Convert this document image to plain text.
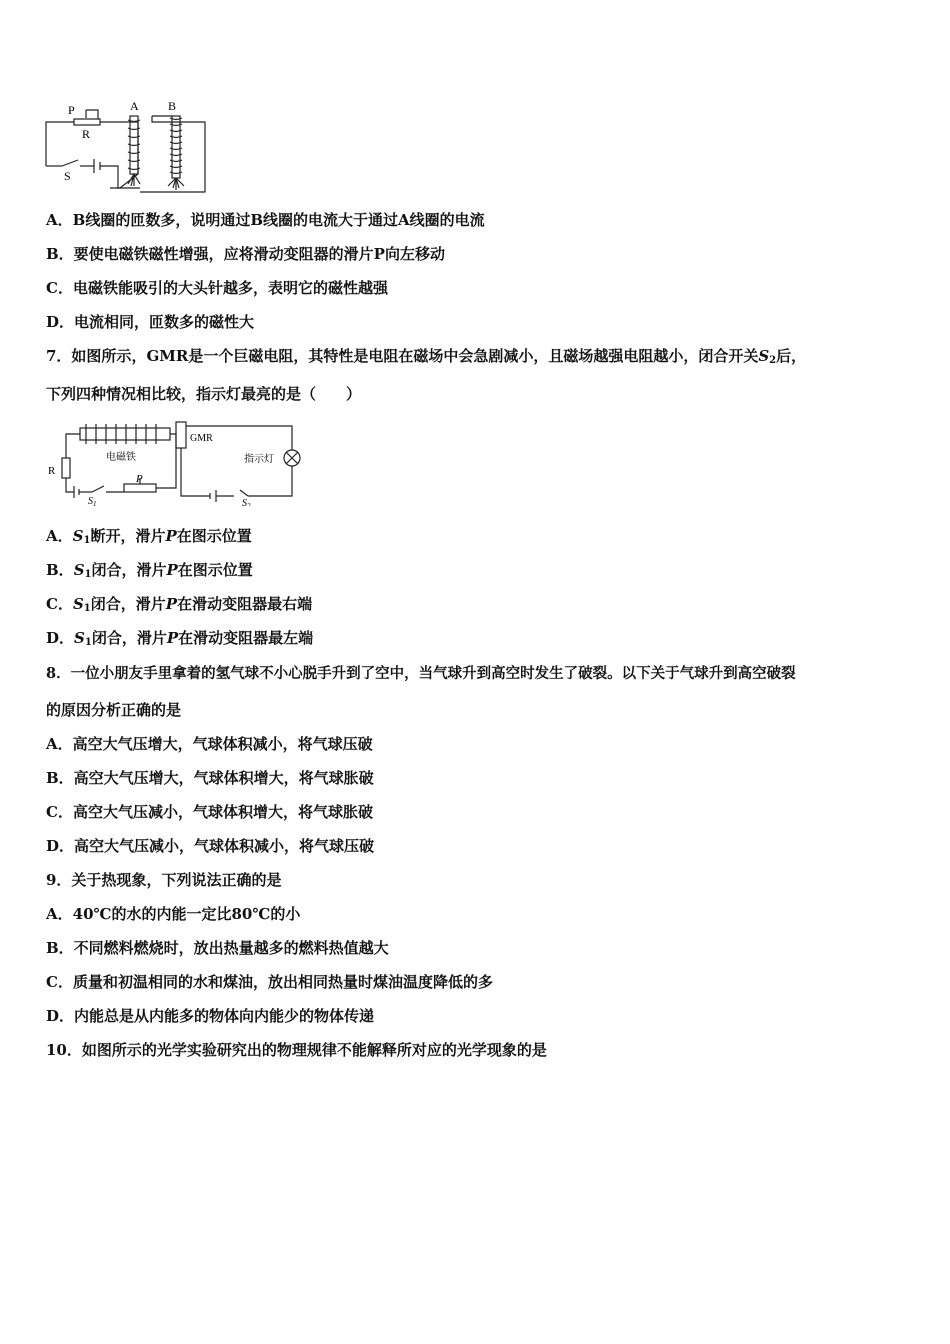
P
R
A B
S
A．B线圈的匝数多，说明通过B线圈的电流大于通过A线圈的电流
B．要使电磁铁磁性增强，应将滑动变阻器的滑片P向左移动
C．电磁铁能吸引的大头针越多，表明它的磁性越强
D．电流相同，匝数多的磁性大
7．如图所示，GMR是一个巨磁电阻，其特性是电阻在磁场中会急剧减小，且磁场越强电阻越小，闭合开关$S_2$后，
下列四种情况相比较，指示灯最亮的是（　　）
GMR
电磁铁	指示灯
R
P
$S_1$	$S_2$
A．$S_1$断开，滑片P在图示位置
B．$S_1$闭合，滑片P在图示位置
C．$S_1$闭合，滑片P在滑动变阻器最右端
D．$S_1$闭合，滑片P在滑动变阻器最左端
8．一位小朋友手里拿着的氢气球不小心脱手升到了空中，当气球升到高空时发生了破裂。以下关于气球升到高空破裂
的原因分析正确的是
A．高空大气压增大，气球体积减小，将气球压破
B．高空大气压增大，气球体积增大，将气球胀破
C．高空大气压减小，气球体积增大，将气球胀破
D．高空大气压减小，气球体积减小，将气球压破
9．关于热现象，下列说法正确的是
A．40℃的水的内能一定比80℃的小
B．不同燃料燃烧时，放出热量越多的燃料热值越大
C．质量和初温相同的水和煤油，放出相同热量时煤油温度降低的多
D．内能总是从内能多的物体向内能少的物体传递
10．如图所示的光学实验研究出的物理规律不能解释所对应的光学现象的是
